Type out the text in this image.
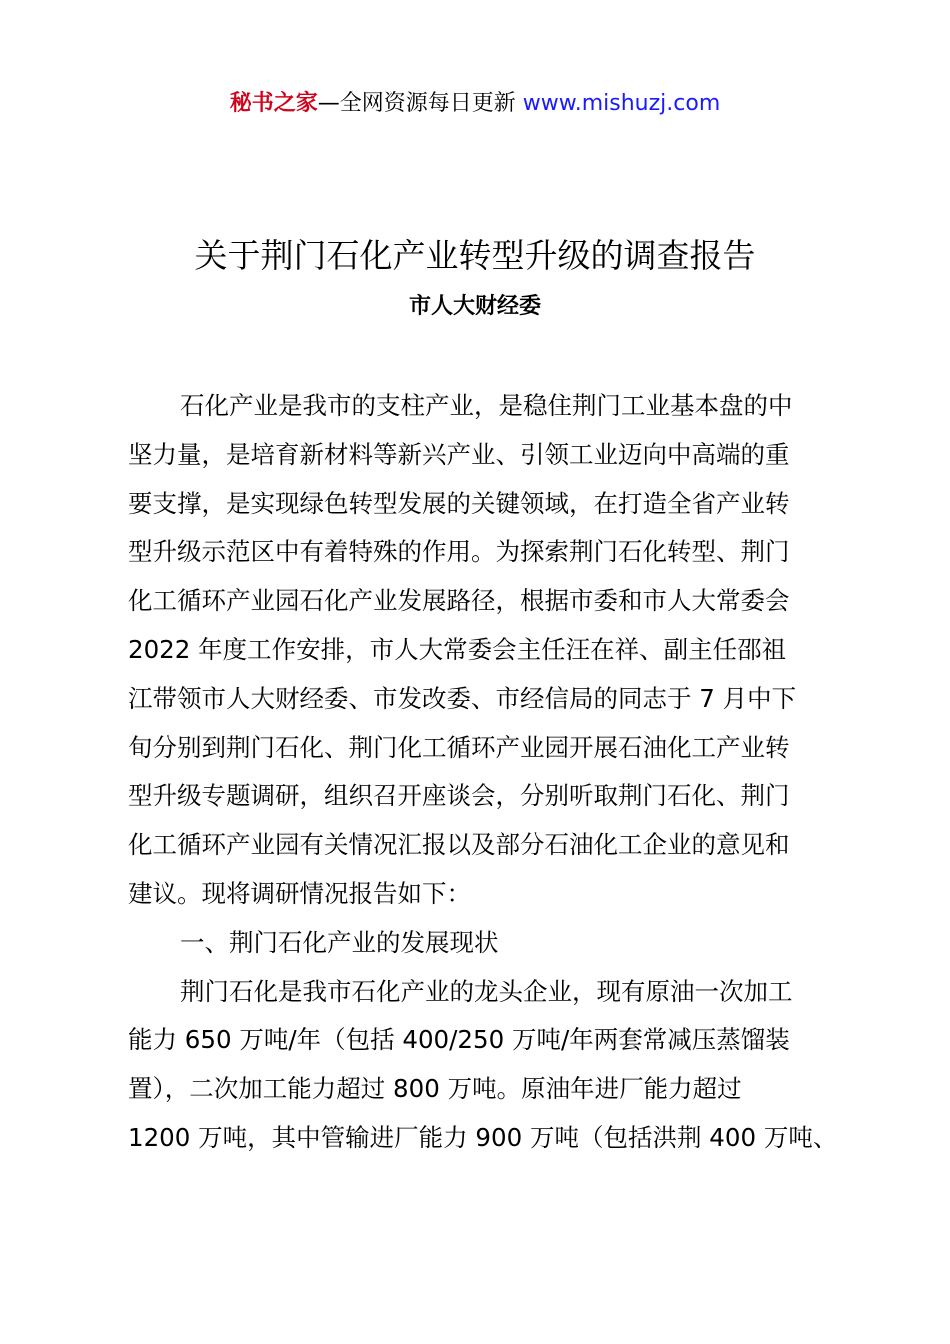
秘书之家—全网资源每日更新 www.mishuzj.com
关于荆门石化产业转型升级的调查报告
市人大财经委
石化产业是我市的支柱产业，是稳住荆门工业基本盘的中
坚力量，是培育新材料等新兴产业、引领工业迈向中高端的重
要支撑，是实现绿色转型发展的关键领域，在打造全省产业转
型升级示范区中有着特殊的作用。为探索荆门石化转型、荆门
化工循环产业园石化产业发展路径，根据市委和市人大常委会
2022 年度工作安排，市人大常委会主任汪在祥、副主任邵祖
江带领市人大财经委、市发改委、市经信局的同志于 7 月中下
旬分别到荆门石化、荆门化工循环产业园开展石油化工产业转
型升级专题调研，组织召开座谈会，分别听取荆门石化、荆门
化工循环产业园有关情况汇报以及部分石油化工企业的意见和
建议。现将调研情况报告如下：
一、荆门石化产业的发展现状
荆门石化是我市石化产业的龙头企业，现有原油一次加工
能力 650 万吨/年（包括 400/250 万吨/年两套常减压蒸馏装
置），二次加工能力超过 800 万吨。原油年进厂能力超过
1200 万吨，其中管输进厂能力 900 万吨（包括洪荆 400 万吨、
